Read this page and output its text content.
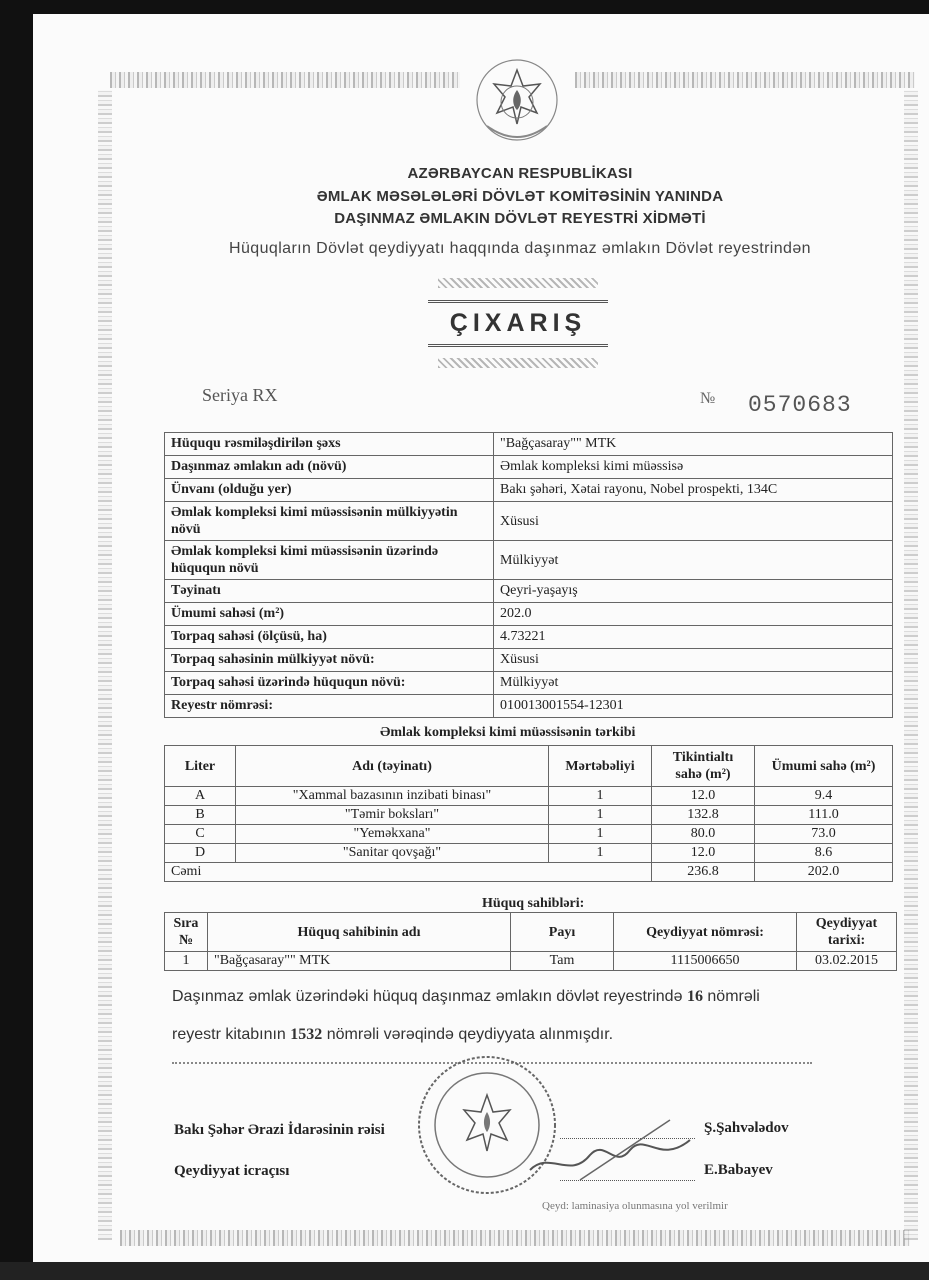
AZƏRBAYCAN RESPUBLİKASI
ƏMLAK MƏSƏLƏLƏRİ DÖVLƏT KOMİTƏSİNİN YANINDA
DAŞINMAZ ƏMLAKIN DÖVLƏT REYESTRİ XİDMƏTİ
Hüquqların Dövlət qeydiyyatı haqqında daşınmaz əmlakın Dövlət reyestrindən
ÇIXARIŞ
Seriya RX	№ 0570683
Hüququ rəsmiləşdirilən şəxs	"Bağçasaray"" MTK
Daşınmaz əmlakın adı (növü)	Əmlak kompleksi kimi müəssisə
Ünvanı (olduğu yer)	Bakı şəhəri, Xətai rayonu, Nobel prospekti, 134C
Əmlak kompleksi kimi müəssisənin mülkiyyətin növü	Xüsusi
Əmlak kompleksi kimi müəssisənin üzərində hüququn növü	Mülkiyyət
Təyinatı	Qeyri-yaşayış
Ümumi sahəsi (m²)	202.0
Torpaq sahəsi (ölçüsü, ha)	4.73221
Torpaq sahəsinin mülkiyyət növü:	Xüsusi
Torpaq sahəsi üzərində hüququn növü:	Mülkiyyət
Reyestr nömrəsi:	010013001554-12301
Əmlak kompleksi kimi müəssisənin tərkibi
Liter	Adı (təyinatı)	Mərtəbəliyi	Tikintialtı sahə (m²)	Ümumi sahə (m²)
A	"Xammal bazasının inzibati binası"	1	12.0	9.4
B	"Təmir boksları"	1	132.8	111.0
C	"Yeməkxana"	1	80.0	73.0
D	"Sanitar qovşağı"	1	12.0	8.6
Cəmi			236.8	202.0
Hüquq sahibləri:
Sıra №	Hüquq sahibinin adı	Payı	Qeydiyyat nömrəsi:	Qeydiyyat tarixi:
1	"Bağçasaray"" MTK	Tam	1115006650	03.02.2015
Daşınmaz əmlak üzərindəki hüquq daşınmaz əmlakın dövlət reyestrində 16 nömrəli
reyestr kitabının 1532 nömrəli vərəqində qeydiyyata alınmışdır.
Bakı Şəhər Ərazi İdarəsinin rəisi	Ş.Şahvələdov
Qeydiyyat icraçısı	E.Babayev
Qeyd: laminasiya olunmasına yol verilmir
